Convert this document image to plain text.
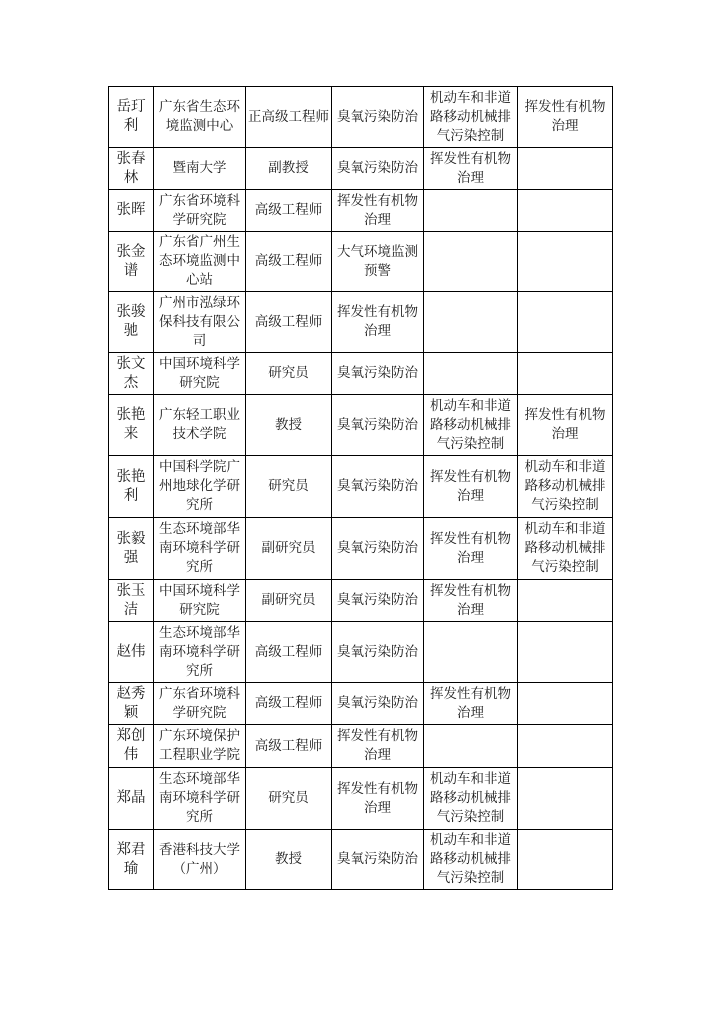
岳玎利	广东省生态环境监测中心	正高级工程师	臭氧污染防治	机动车和非道路移动机械排气污染控制	挥发性有机物治理
张春林	暨南大学	副教授	臭氧污染防治	挥发性有机物治理	
张晖	广东省环境科学研究院	高级工程师	挥发性有机物治理		
张金谱	广东省广州生态环境监测中心站	高级工程师	大气环境监测预警		
张骏驰	广州市泓绿环保科技有限公司	高级工程师	挥发性有机物治理		
张文杰	中国环境科学研究院	研究员	臭氧污染防治		
张艳来	广东轻工职业技术学院	教授	臭氧污染防治	机动车和非道路移动机械排气污染控制	挥发性有机物治理
张艳利	中国科学院广州地球化学研究所	研究员	臭氧污染防治	挥发性有机物治理	机动车和非道路移动机械排气污染控制
张毅强	生态环境部华南环境科学研究所	副研究员	臭氧污染防治	挥发性有机物治理	机动车和非道路移动机械排气污染控制
张玉洁	中国环境科学研究院	副研究员	臭氧污染防治	挥发性有机物治理	
赵伟	生态环境部华南环境科学研究所	高级工程师	臭氧污染防治		
赵秀颖	广东省环境科学研究院	高级工程师	臭氧污染防治	挥发性有机物治理	
郑创伟	广东环境保护工程职业学院	高级工程师	挥发性有机物治理		
郑晶	生态环境部华南环境科学研究所	研究员	挥发性有机物治理	机动车和非道路移动机械排气污染控制	
郑君瑜	香港科技大学（广州）	教授	臭氧污染防治	机动车和非道路移动机械排气污染控制	
